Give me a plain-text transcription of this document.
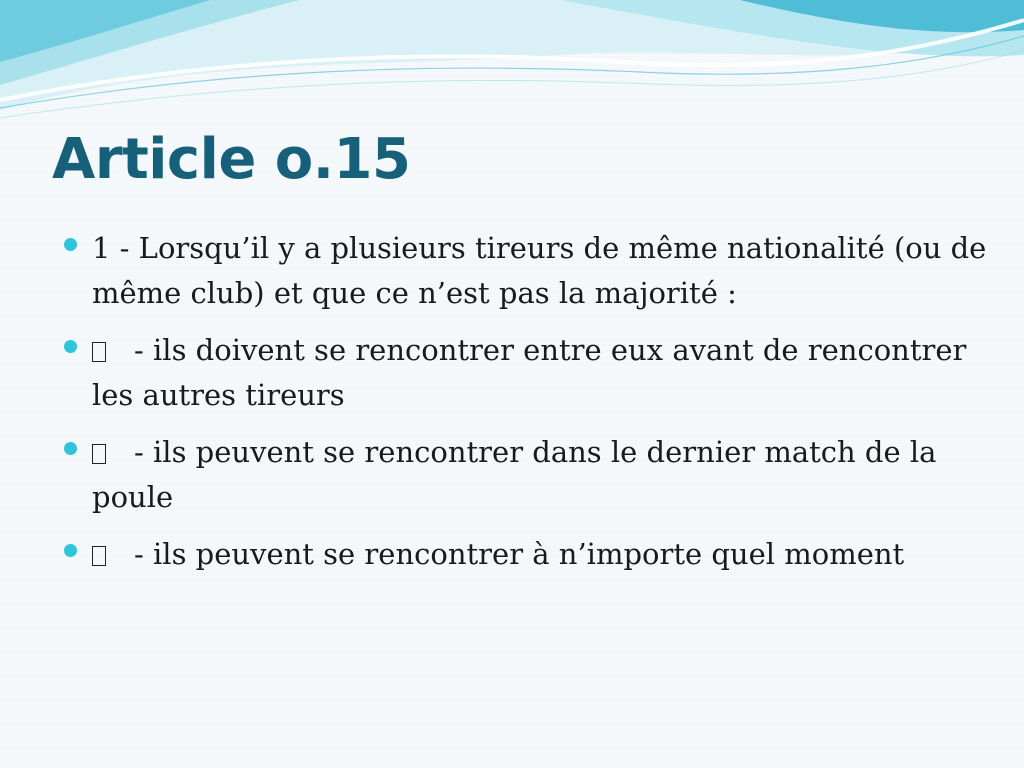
Article o.15
1 - Lorsqu’il y a plusieurs tireurs de même nationalité (ou de même club) et que ce n’est pas la majorité :
- ils doivent se rencontrer entre eux avant de rencontrer les autres tireurs
- ils peuvent se rencontrer dans le dernier match de la poule
- ils peuvent se rencontrer à n’importe quel moment
